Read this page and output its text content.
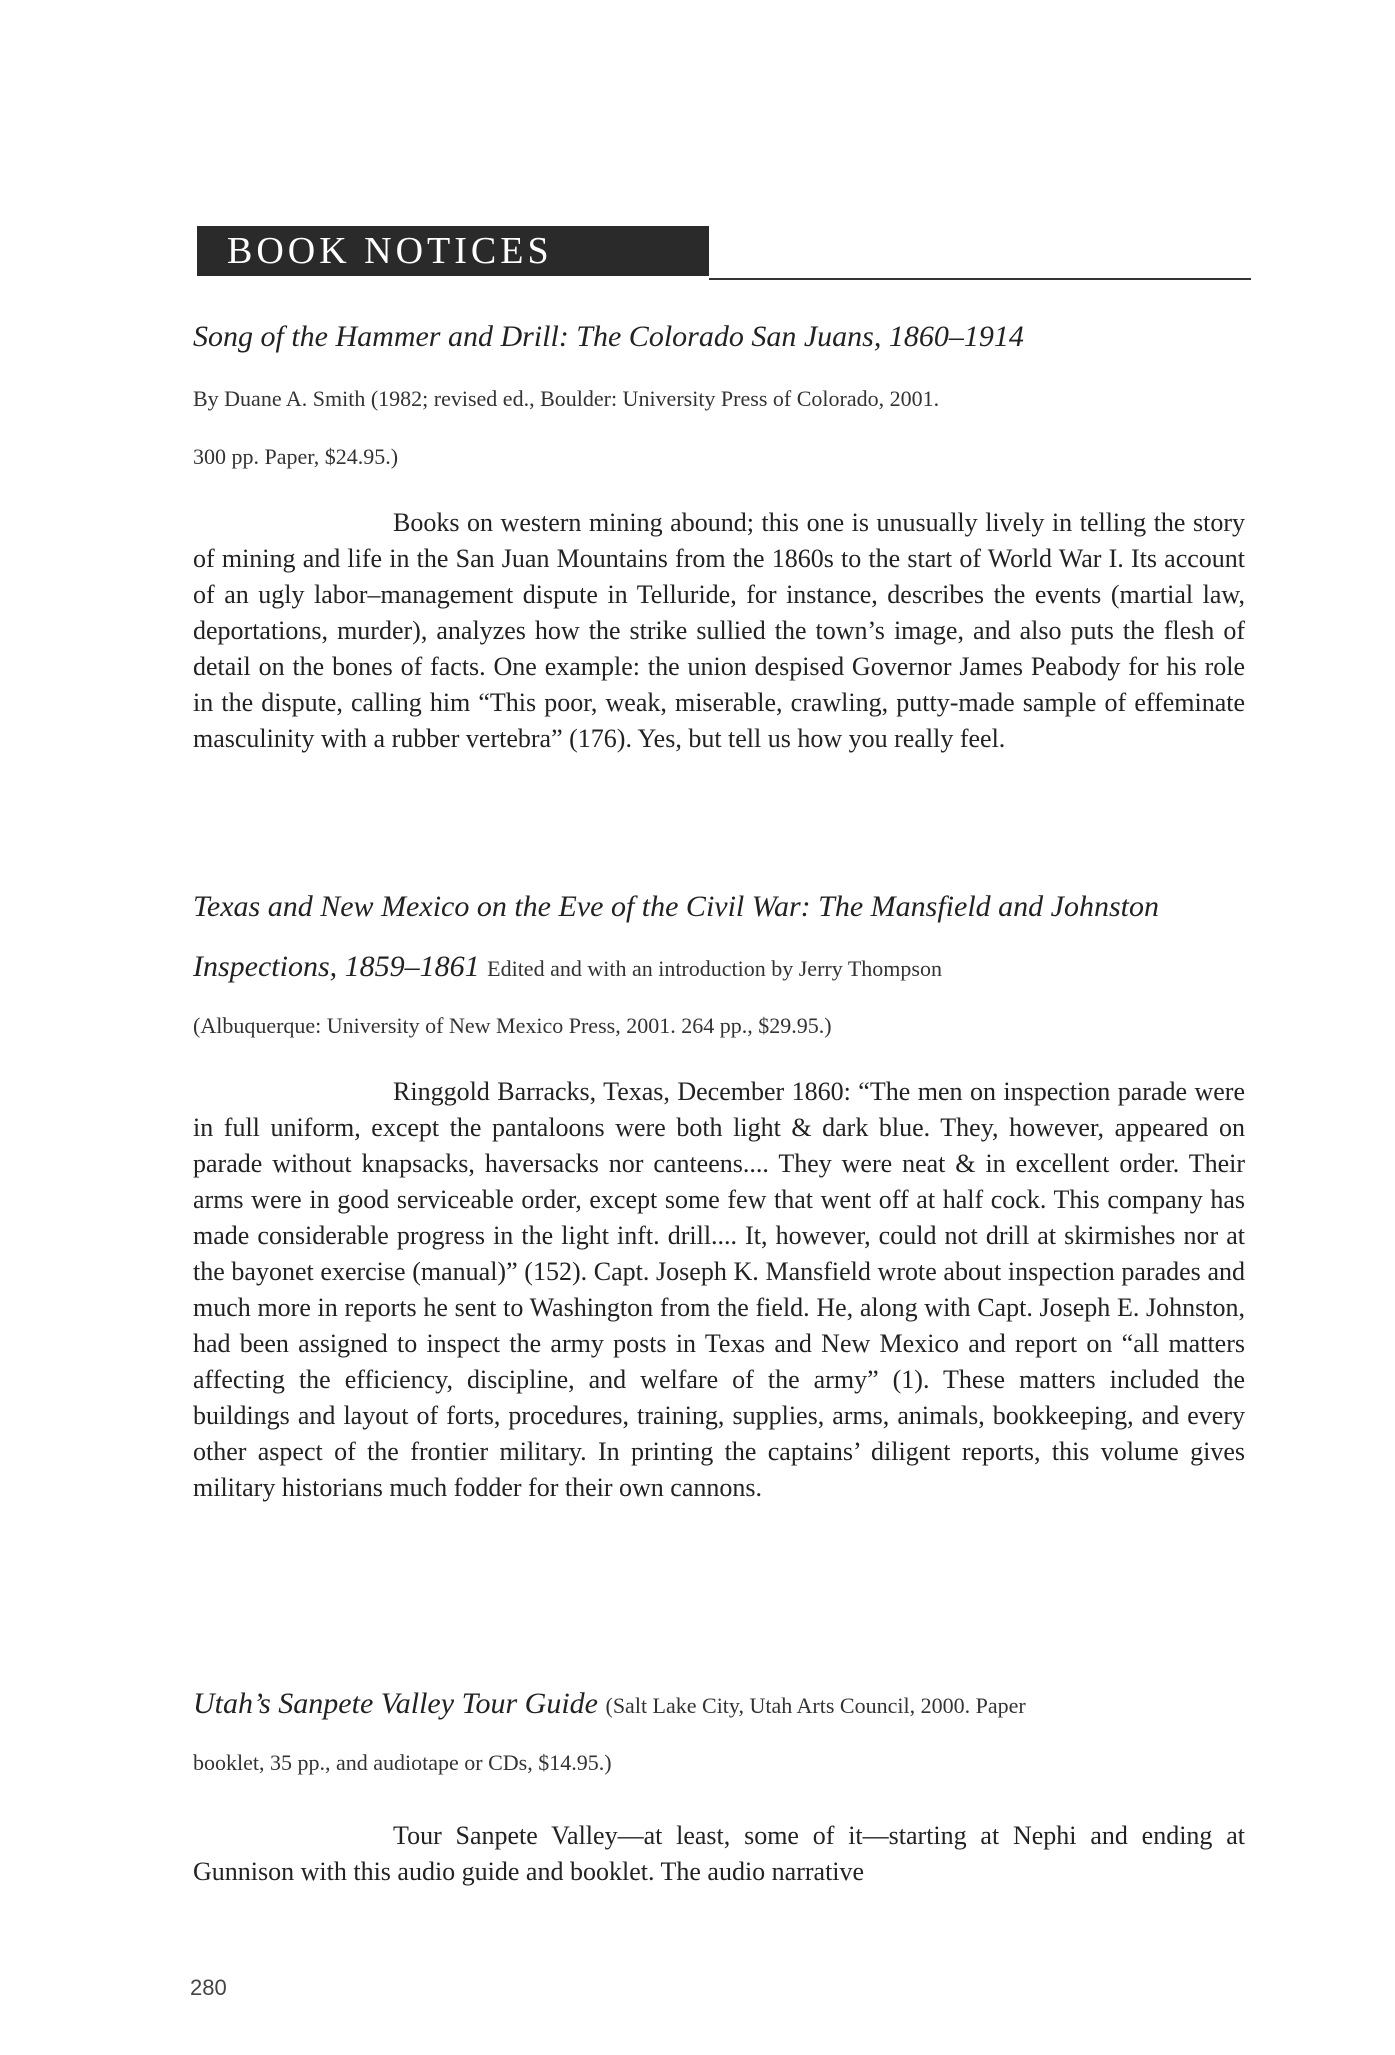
BOOK NOTICES
Song of the Hammer and Drill: The Colorado San Juans, 1860–1914
By Duane A. Smith (1982; revised ed., Boulder: University Press of Colorado, 2001.
300 pp. Paper, $24.95.)

Books on western mining abound; this one is unusually lively in telling the story of mining and life in the San Juan Mountains from the 1860s to the start of World War I. Its account of an ugly labor–management dispute in Telluride, for instance, describes the events (martial law, deportations, murder), analyzes how the strike sullied the town’s image, and also puts the flesh of detail on the bones of facts. One example: the union despised Governor James Peabody for his role in the dispute, calling him “This poor, weak, miserable, crawling, putty-made sample of effeminate masculinity with a rubber vertebra” (176). Yes, but tell us how you really feel.

Texas and New Mexico on the Eve of the Civil War: The Mansfield and Johnston
Inspections, 1859–1861 Edited and with an introduction by Jerry Thompson
(Albuquerque: University of New Mexico Press, 2001. 264 pp., $29.95.)

Ringgold Barracks, Texas, December 1860: “The men on inspection parade were in full uniform, except the pantaloons were both light & dark blue. They, however, appeared on parade without knapsacks, haversacks nor canteens.... They were neat & in excellent order. Their arms were in good serviceable order, except some few that went off at half cock. This company has made considerable progress in the light inft. drill.... It, however, could not drill at skirmishes nor at the bayonet exercise (manual)” (152). Capt. Joseph K. Mansfield wrote about inspection parades and much more in reports he sent to Washington from the field. He, along with Capt. Joseph E. Johnston, had been assigned to inspect the army posts in Texas and New Mexico and report on “all matters affecting the efficiency, discipline, and welfare of the army” (1). These matters included the buildings and layout of forts, procedures, training, supplies, arms, animals, bookkeeping, and every other aspect of the frontier military. In printing the captains’ diligent reports, this volume gives military historians much fodder for their own cannons.

Utah’s Sanpete Valley Tour Guide (Salt Lake City, Utah Arts Council, 2000. Paper
booklet, 35 pp., and audiotape or CDs, $14.95.)

Tour Sanpete Valley—at least, some of it—starting at Nephi and ending at Gunnison with this audio guide and booklet. The audio narrative

280
